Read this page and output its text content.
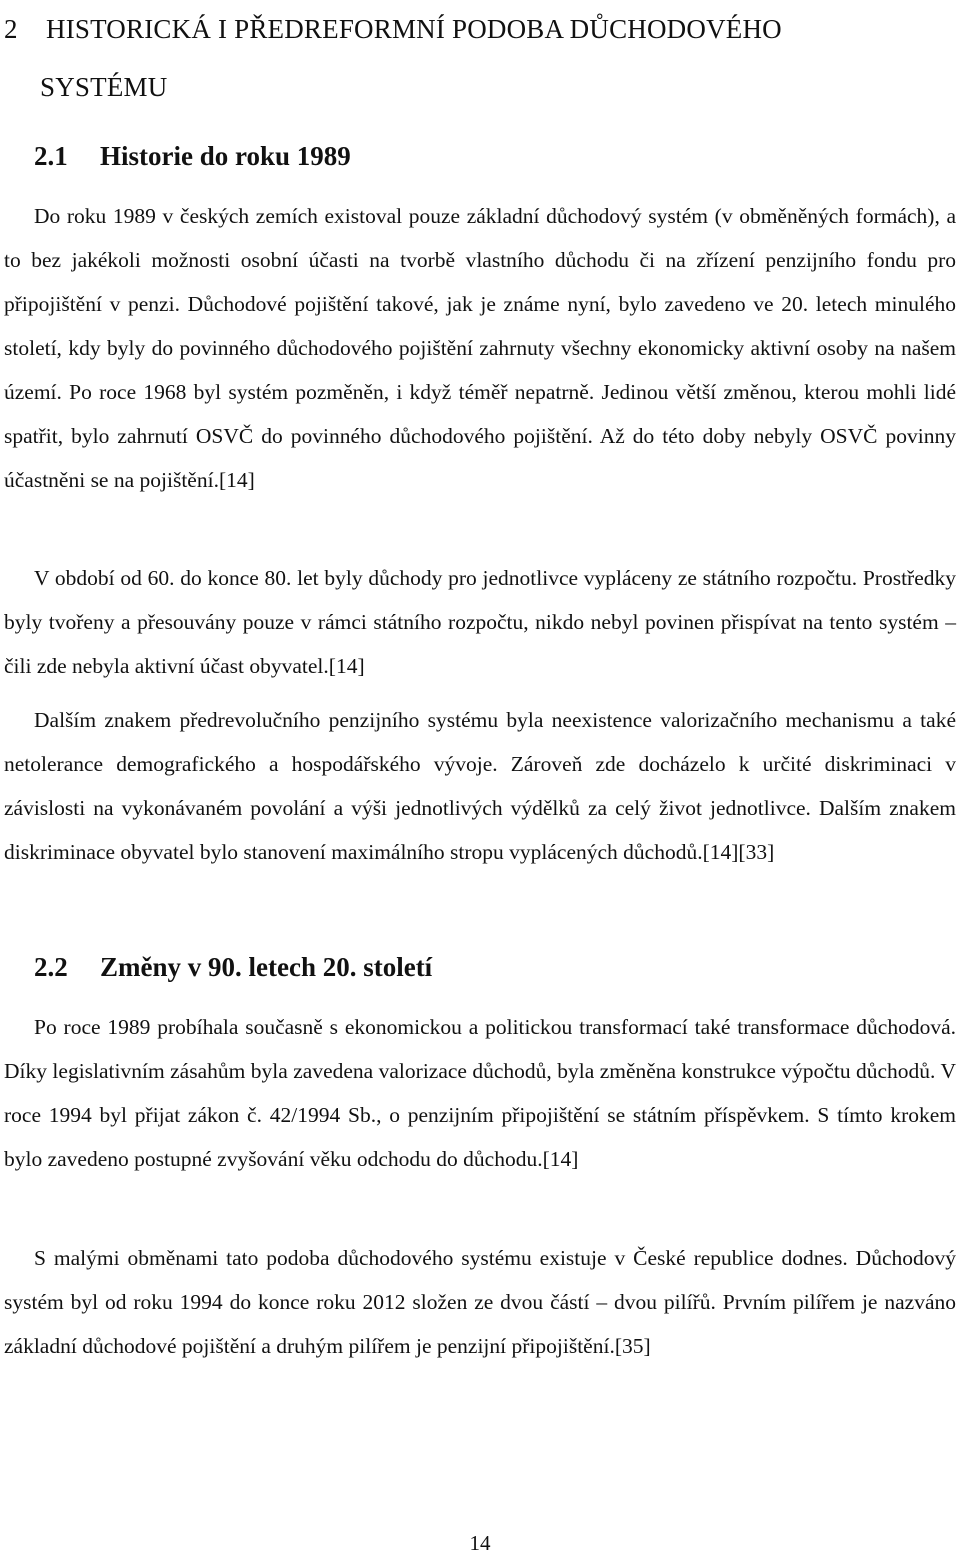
2 HISTORICKÁ I PŘEDREFORMNÍ PODOBA DŮCHODOVÉHO
SYSTÉMU
2.1 Historie do roku 1989

Do roku 1989 v českých zemích existoval pouze základní důchodový systém (v obměněných formách), a to bez jakékoli možnosti osobní účasti na tvorbě vlastního důchodu či na zřízení penzijního fondu pro připojištění v penzi. Důchodové pojištění takové, jak je známe nyní, bylo zavedeno ve 20. letech minulého století, kdy byly do povinného důchodového pojištění zahrnuty všechny ekonomicky aktivní osoby na našem území. Po roce 1968 byl systém pozměněn, i když téměř nepatrně. Jedinou větší změnou, kterou mohli lidé spatřit, bylo zahrnutí OSVČ do povinného důchodového pojištění. Až do této doby nebyly OSVČ povinny účastněni se na pojištění.[14]

V období od 60. do konce 80. let byly důchody pro jednotlivce vypláceny ze státního rozpočtu. Prostředky byly tvořeny a přesouvány pouze v rámci státního rozpočtu, nikdo nebyl povinen přispívat na tento systém – čili zde nebyla aktivní účast obyvatel.[14]

Dalším znakem předrevolučního penzijního systému byla neexistence valorizačního mechanismu a také netolerance demografického a hospodářského vývoje. Zároveň zde docházelo k určité diskriminaci v závislosti na vykonávaném povolání a výši jednotlivých výdělků za celý život jednotlivce. Dalším znakem diskriminace obyvatel bylo stanovení maximálního stropu vyplácených důchodů.[14][33]

2.2 Změny v 90. letech 20. století

Po roce 1989 probíhala současně s ekonomickou a politickou transformací také transformace důchodová. Díky legislativním zásahům byla zavedena valorizace důchodů, byla změněna konstrukce výpočtu důchodů. V roce 1994 byl přijat zákon č. 42/1994 Sb., o penzijním připojištění se státním příspěvkem. S tímto krokem bylo zavedeno postupné zvyšování věku odchodu do důchodu.[14]

S malými obměnami tato podoba důchodového systému existuje v České republice dodnes. Důchodový systém byl od roku 1994 do konce roku 2012 složen ze dvou částí – dvou pilířů. Prvním pilířem je nazváno základní důchodové pojištění a druhým pilířem je penzijní připojištění.[35]

14
